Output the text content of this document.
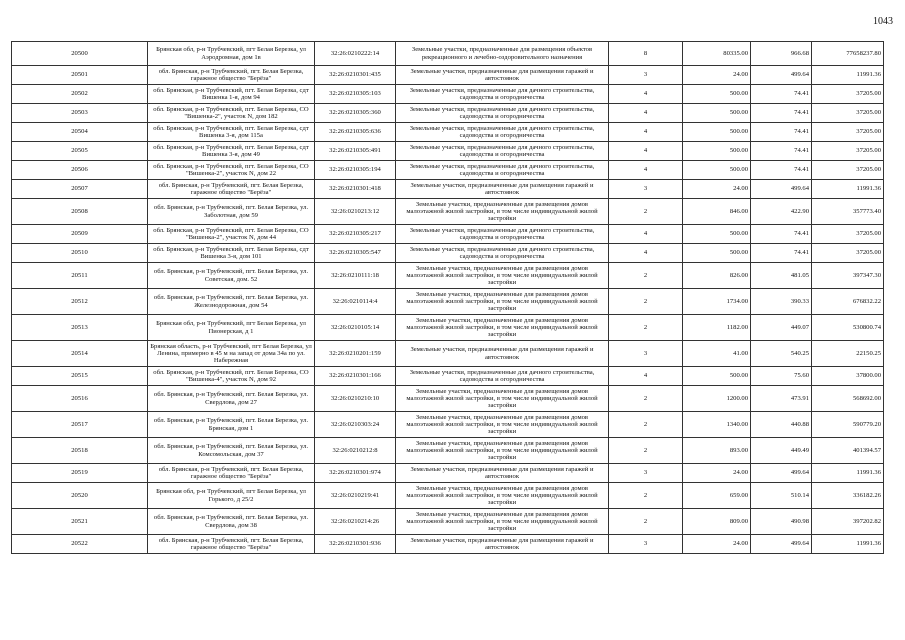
1043
20500	Брянская обл, р-н Трубчевский, пгт Белая Березка, ул Аэродромная, дом 1в	32:26:0210222:14	Земельные участки, предназначенные для размещения объектов рекреационного и лечебно-оздоровительного назначения	8	80335.00	966.68	77658237.80
20501	обл. Брянская, р-н Трубчевский, пгт. Белая Березка, гаражное общество "Берёза"	32:26:0210301:435	Земельные участки, предназначенные для размещения гаражей и автостоянок	3	24.00	499.64	11991.36
20502	обл. Брянская, р-н Трубчевский, пгт. Белая Березка, сдт Вишенка 1-я, дом 94	32:26:0210305:103	Земельные участки, предназначенные для дачного строительства, садоводства и огородничества	4	500.00	74.41	37205.00
20503	обл. Брянская, р-н Трубчевский, пгт. Белая Березка, СО "Вишенка-2", участок N, дом 182	32:26:0210305:360	Земельные участки, предназначенные для дачного строительства, садоводства и огородничества	4	500.00	74.41	37205.00
20504	обл. Брянская, р-н Трубчевский, пгт. Белая Березка, сдт Вишенка 3-я, дом 115а	32:26:0210305:636	Земельные участки, предназначенные для дачного строительства, садоводства и огородничества	4	500.00	74.41	37205.00
20505	обл. Брянская, р-н Трубчевский, пгт. Белая Березка, сдт Вишенка 3-я, дом 49	32:26:0210305:491	Земельные участки, предназначенные для дачного строительства, садоводства и огородничества	4	500.00	74.41	37205.00
20506	обл. Брянская, р-н Трубчевский, пгт. Белая Березка, СО "Вишенка-2", участок N, дом 22	32:26:0210305:194	Земельные участки, предназначенные для дачного строительства, садоводства и огородничества	4	500.00	74.41	37205.00
20507	обл. Брянская, р-н Трубчевский, пгт. Белая Березка, гаражное общество "Берёза"	32:26:0210301:418	Земельные участки, предназначенные для размещения гаражей и автостоянок	3	24.00	499.64	11991.36
20508	обл. Брянская, р-н Трубчевский, пгт. Белая Березка, ул. Заболотная, дом 59	32:26:0210213:12	Земельные участки, предназначенные для размещения домов малоэтажной жилой застройки, в том числе индивидуальной жилой застройки	2	846.00	422.90	357773.40
20509	обл. Брянская, р-н Трубчевский, пгт. Белая Березка, СО "Вишенка-2", участок N, дом 44	32:26:0210305:217	Земельные участки, предназначенные для дачного строительства, садоводства и огородничества	4	500.00	74.41	37205.00
20510	обл. Брянская, р-н Трубчевский, пгт. Белая Березка, сдт Вишенка 3-я, дом 101	32:26:0210305:547	Земельные участки, предназначенные для дачного строительства, садоводства и огородничества	4	500.00	74.41	37205.00
20511	обл. Брянская, р-н Трубчевский, пгт. Белая Березка, ул. Советская, дом. 52	32:26:0210111:18	Земельные участки, предназначенные для размещения домов малоэтажной жилой застройки, в том числе индивидуальной жилой застройки	2	826.00	481.05	397347.30
20512	обл. Брянская, р-н Трубчевский, пгт. Белая Березка, ул. Железнодорожная, дом 54	32:26:0210114:4	Земельные участки, предназначенные для размещения домов малоэтажной жилой застройки, в том числе индивидуальной жилой застройки	2	1734.00	390.33	676832.22
20513	Брянская обл, р-н Трубчевский, пгт Белая Березка, ул Пионерская, д 1	32:26:0210105:14	Земельные участки, предназначенные для размещения домов малоэтажной жилой застройки, в том числе индивидуальной жилой застройки	2	1182.00	449.07	530800.74
20514	Брянская область, р-н Трубчевский, пгт Белая Березка, ул Ленина, примерно в 45 м на запад от дома 34а по ул. Набережная	32:26:0210201:159	Земельные участки, предназначенные для размещения гаражей и автостоянок	3	41.00	540.25	22150.25
20515	обл. Брянская, р-н Трубчевский, пгт. Белая Березка, СО "Вишенка-4", участок N, дом 92	32:26:0210301:166	Земельные участки, предназначенные для дачного строительства, садоводства и огородничества	4	500.00	75.60	37800.00
20516	обл. Брянская, р-н Трубчевский, пгт. Белая Березка, ул. Свердлова, дом 27	32:26:0210210:10	Земельные участки, предназначенные для размещения домов малоэтажной жилой застройки, в том числе индивидуальной жилой застройки	2	1200.00	473.91	568692.00
20517	обл. Брянская, р-н Трубчевский, пгт. Белая Березка, ул. Брянская, дом 1	32:26:0210303:24	Земельные участки, предназначенные для размещения домов малоэтажной жилой застройки, в том числе индивидуальной жилой застройки	2	1340.00	440.88	590779.20
20518	обл. Брянская, р-н Трубчевский, пгт. Белая Березка, ул. Комсомольская, дом 37	32:26:0210212:8	Земельные участки, предназначенные для размещения домов малоэтажной жилой застройки, в том числе индивидуальной жилой застройки	2	893.00	449.49	401394.57
20519	обл. Брянская, р-н Трубчевский, пгт. Белая Березка, гаражное общество "Берёза"	32:26:0210301:974	Земельные участки, предназначенные для размещения гаражей и автостоянок	3	24.00	499.64	11991.36
20520	Брянская обл, р-н Трубчевский, пгт Белая Березка, ул Горького, д 25/2	32:26:0210219:41	Земельные участки, предназначенные для размещения домов малоэтажной жилой застройки, в том числе индивидуальной жилой застройки	2	659.00	510.14	336182.26
20521	обл. Брянская, р-н Трубчевский, пгт. Белая Березка, ул. Свердлова, дом 38	32:26:0210214:26	Земельные участки, предназначенные для размещения домов малоэтажной жилой застройки, в том числе индивидуальной жилой застройки	2	809.00	490.98	397202.82
20522	обл. Брянская, р-н Трубчевский, пгт. Белая Березка, гаражное общество "Берёза"	32:26:0210301:936	Земельные участки, предназначенные для размещения гаражей и автостоянок	3	24.00	499.64	11991.36
